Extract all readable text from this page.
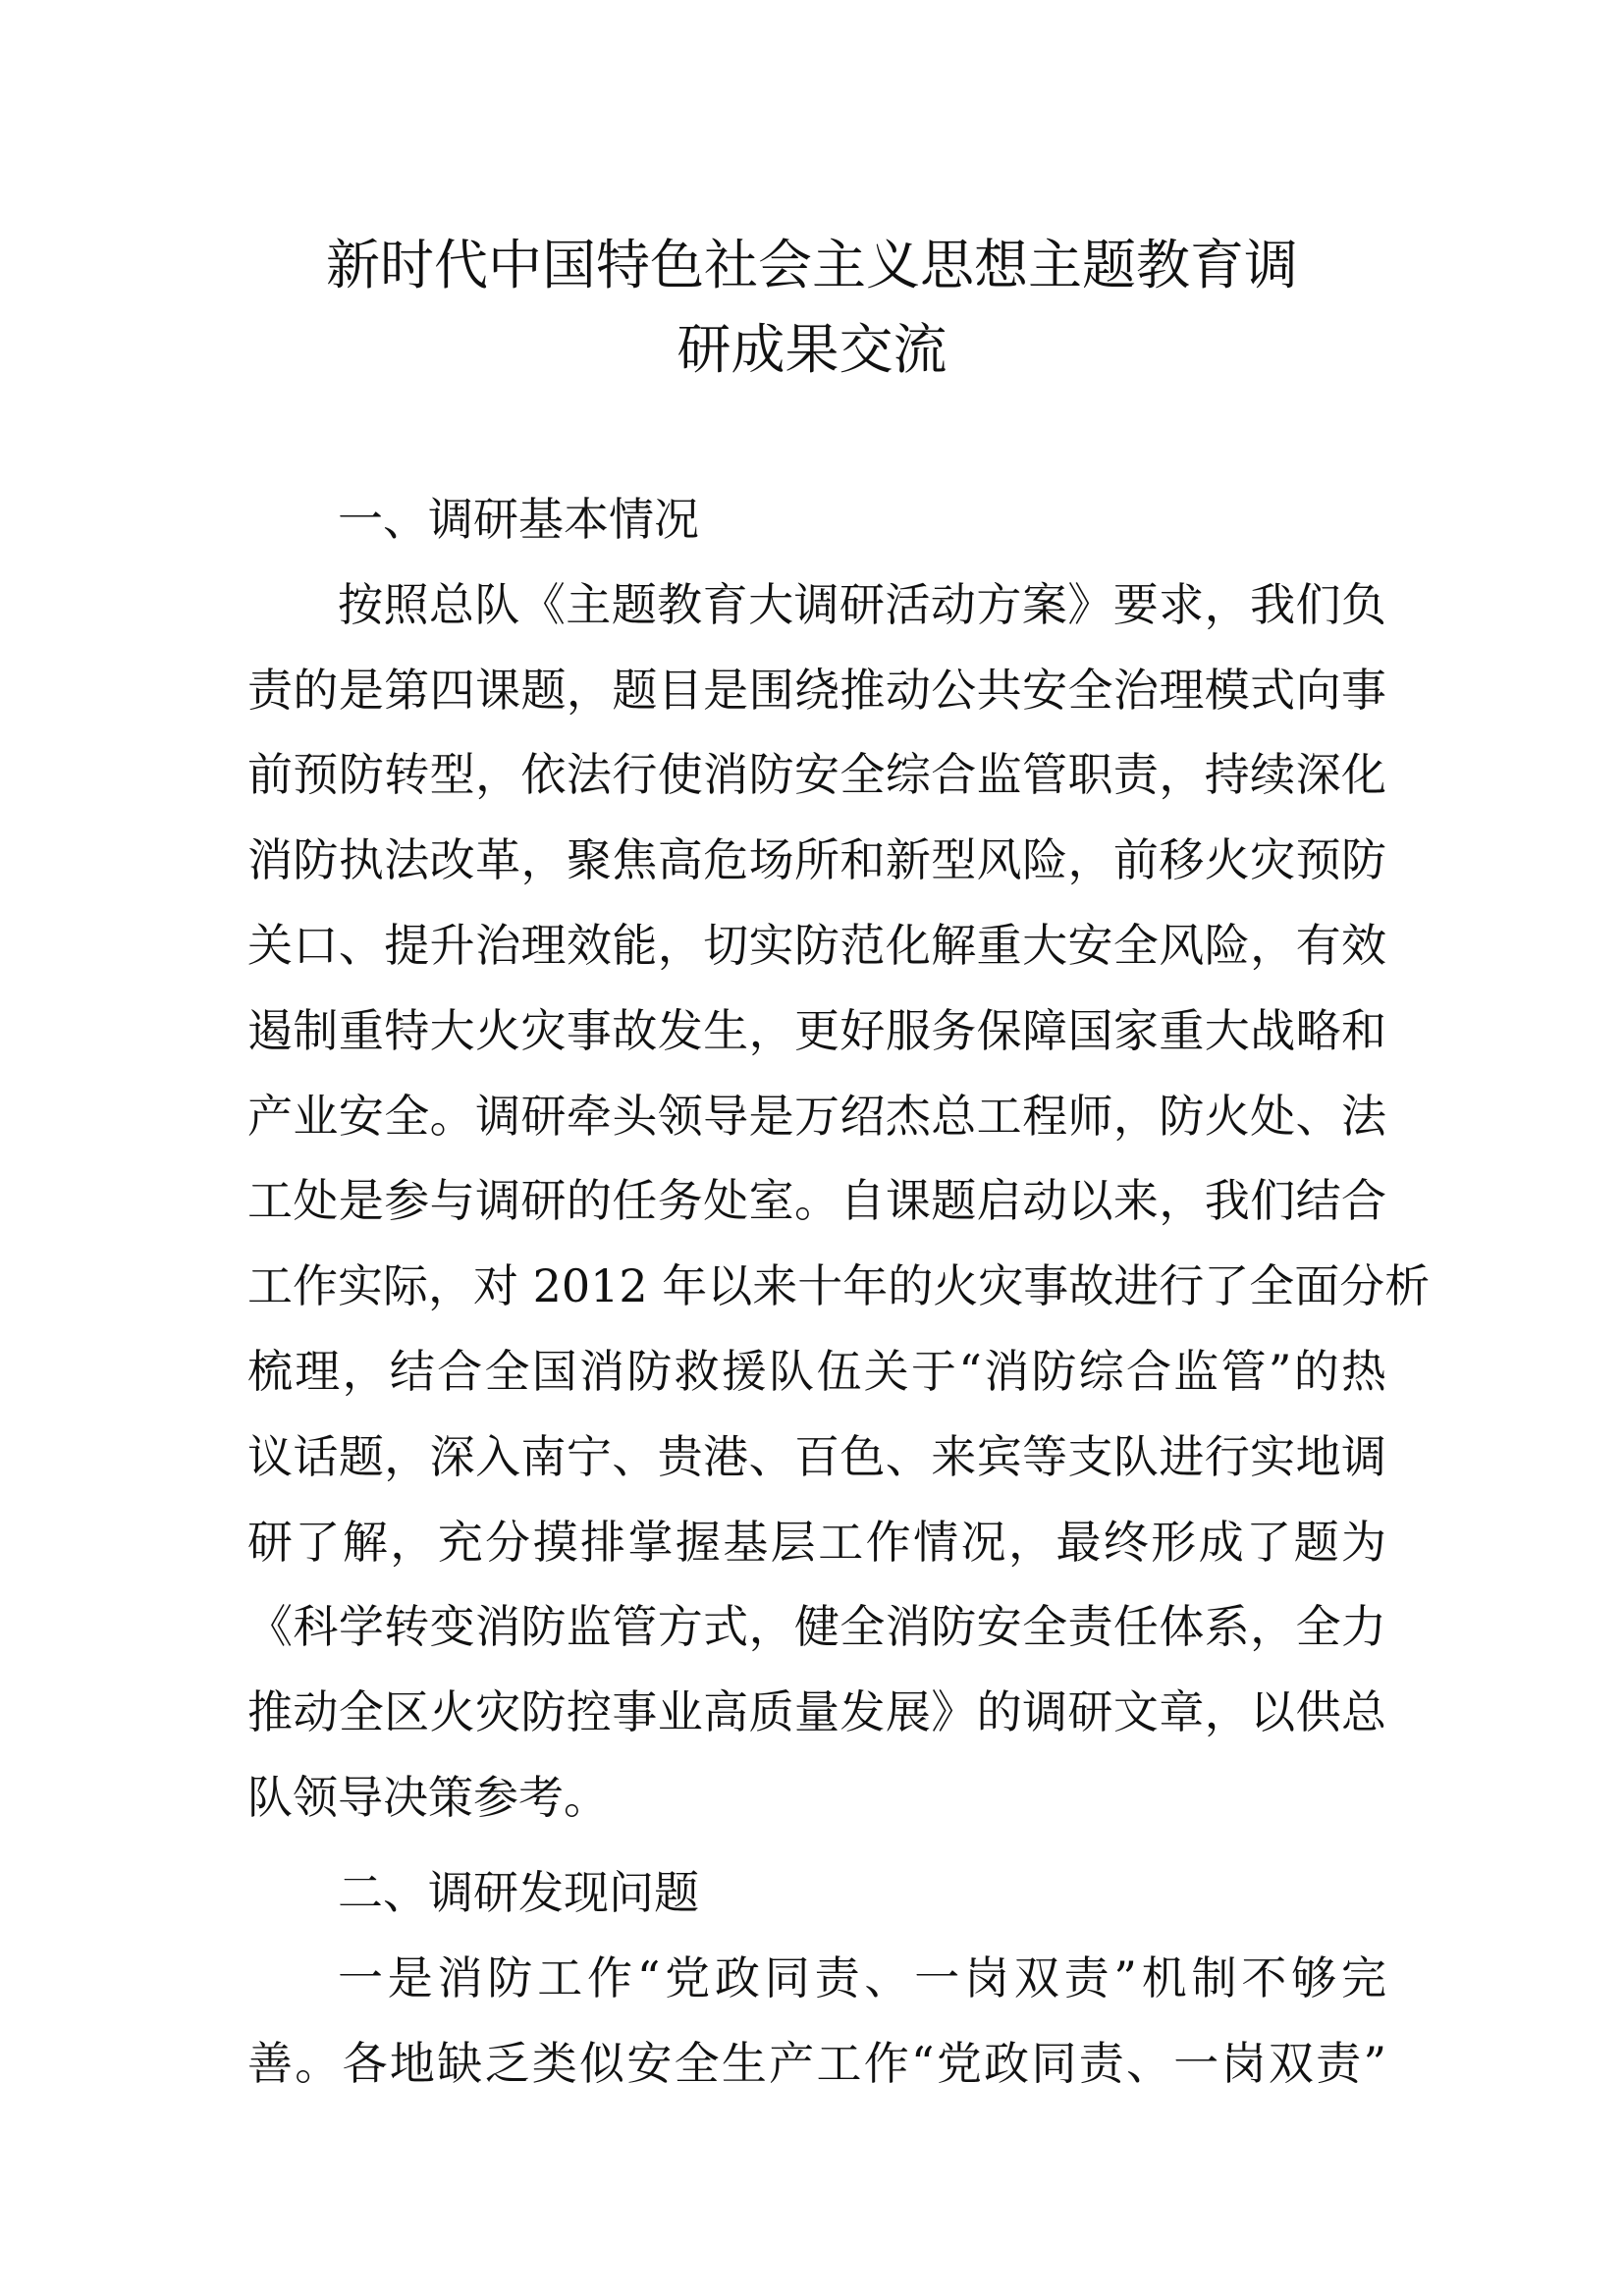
新时代中国特色社会主义思想主题教育调
研成果交流
一、调研基本情况
按照总队《主题教育大调研活动方案》要求，我们负
责的是第四课题，题目是围绕推动公共安全治理模式向事
前预防转型，依法行使消防安全综合监管职责，持续深化
消防执法改革，聚焦高危场所和新型风险，前移火灾预防
关口、提升治理效能，切实防范化解重大安全风险，有效
遏制重特大火灾事故发生，更好服务保障国家重大战略和
产业安全。调研牵头领导是万绍杰总工程师，防火处、法
工处是参与调研的任务处室。自课题启动以来，我们结合
工作实际，对 2012 年以来十年的火灾事故进行了全面分析
梳理，结合全国消防救援队伍关于“消防综合监管”的热
议话题，深入南宁、贵港、百色、来宾等支队进行实地调
研了解，充分摸排掌握基层工作情况，最终形成了题为
《科学转变消防监管方式，健全消防安全责任体系，全力
推动全区火灾防控事业高质量发展》的调研文章，以供总
队领导决策参考。
二、调研发现问题
一是消防工作“党政同责、一岗双责”机制不够完
善。各地缺乏类似安全生产工作“党政同责、一岗双责”
